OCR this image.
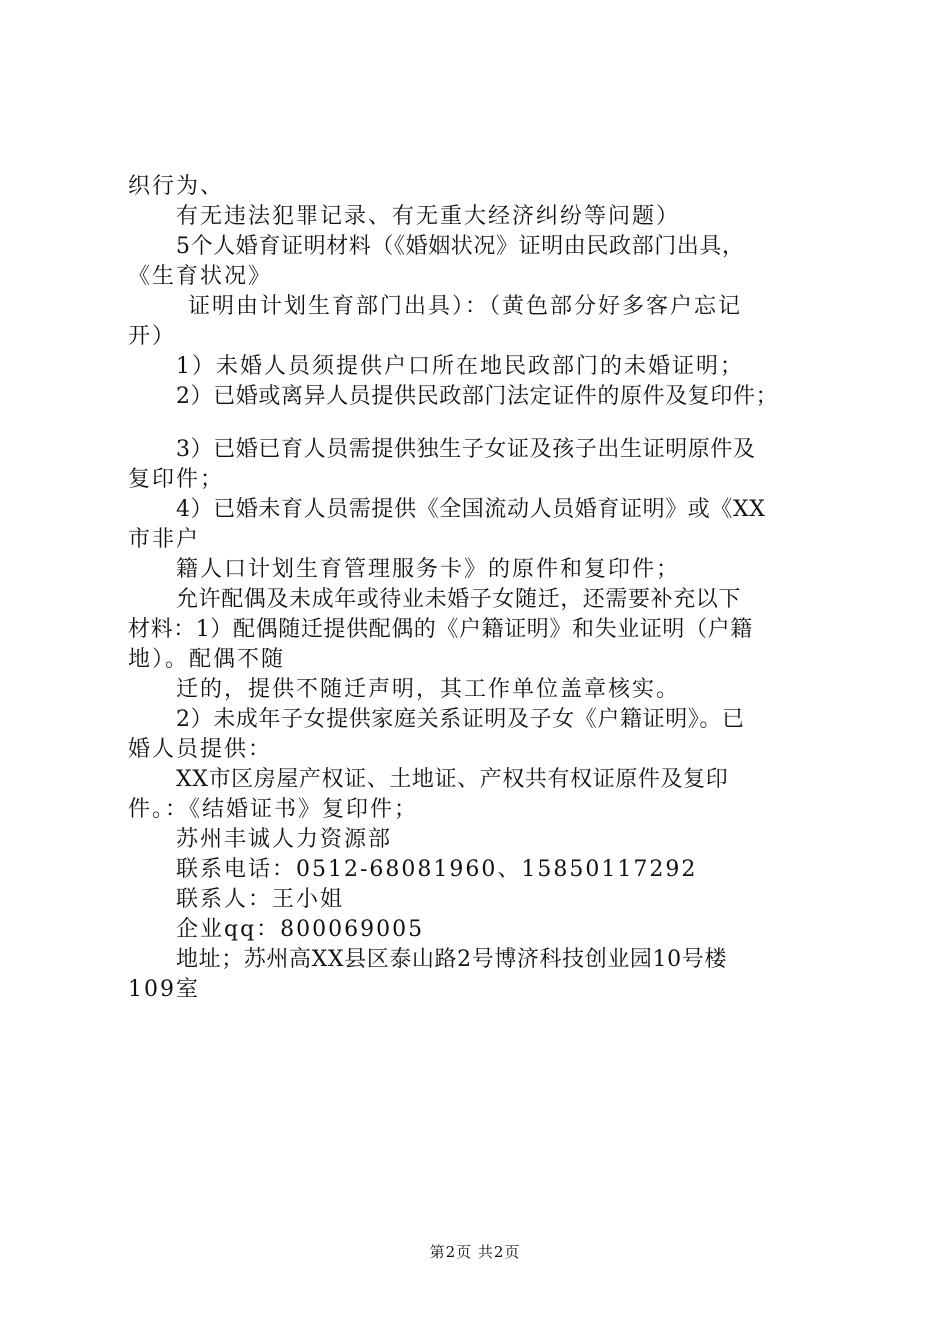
织行为、
有无违法犯罪记录、有无重大经济纠纷等问题）
5个人婚育证明材料（《婚姻状况》证明由民政部门出具，
《生育状况》
证明由计划生育部门出具）：（黄色部分好多客户忘记
开）
1）未婚人员须提供户口所在地民政部门的未婚证明；
2）已婚或离异人员提供民政部门法定证件的原件及复印件；
3）已婚已育人员需提供独生子女证及孩子出生证明原件及
复印件；
4）已婚未育人员需提供《全国流动人员婚育证明》或《XX
市非户
籍人口计划生育管理服务卡》的原件和复印件；
允许配偶及未成年或待业未婚子女随迁，还需要补充以下
材料：1）配偶随迁提供配偶的《户籍证明》和失业证明（户籍
地）。配偶不随
迁的，提供不随迁声明，其工作单位盖章核实。
2）未成年子女提供家庭关系证明及子女《户籍证明》。已
婚人员提供：
XX市区房屋产权证、土地证、产权共有权证原件及复印
件。：《结婚证书》复印件；
苏州丰诚人力资源部
联系电话：0512-68081960、15850117292
联系人：王小姐
企业qq：800069005
地址；苏州高XX县区泰山路2号博济科技创业园10号楼
109室
第2页 共2页
